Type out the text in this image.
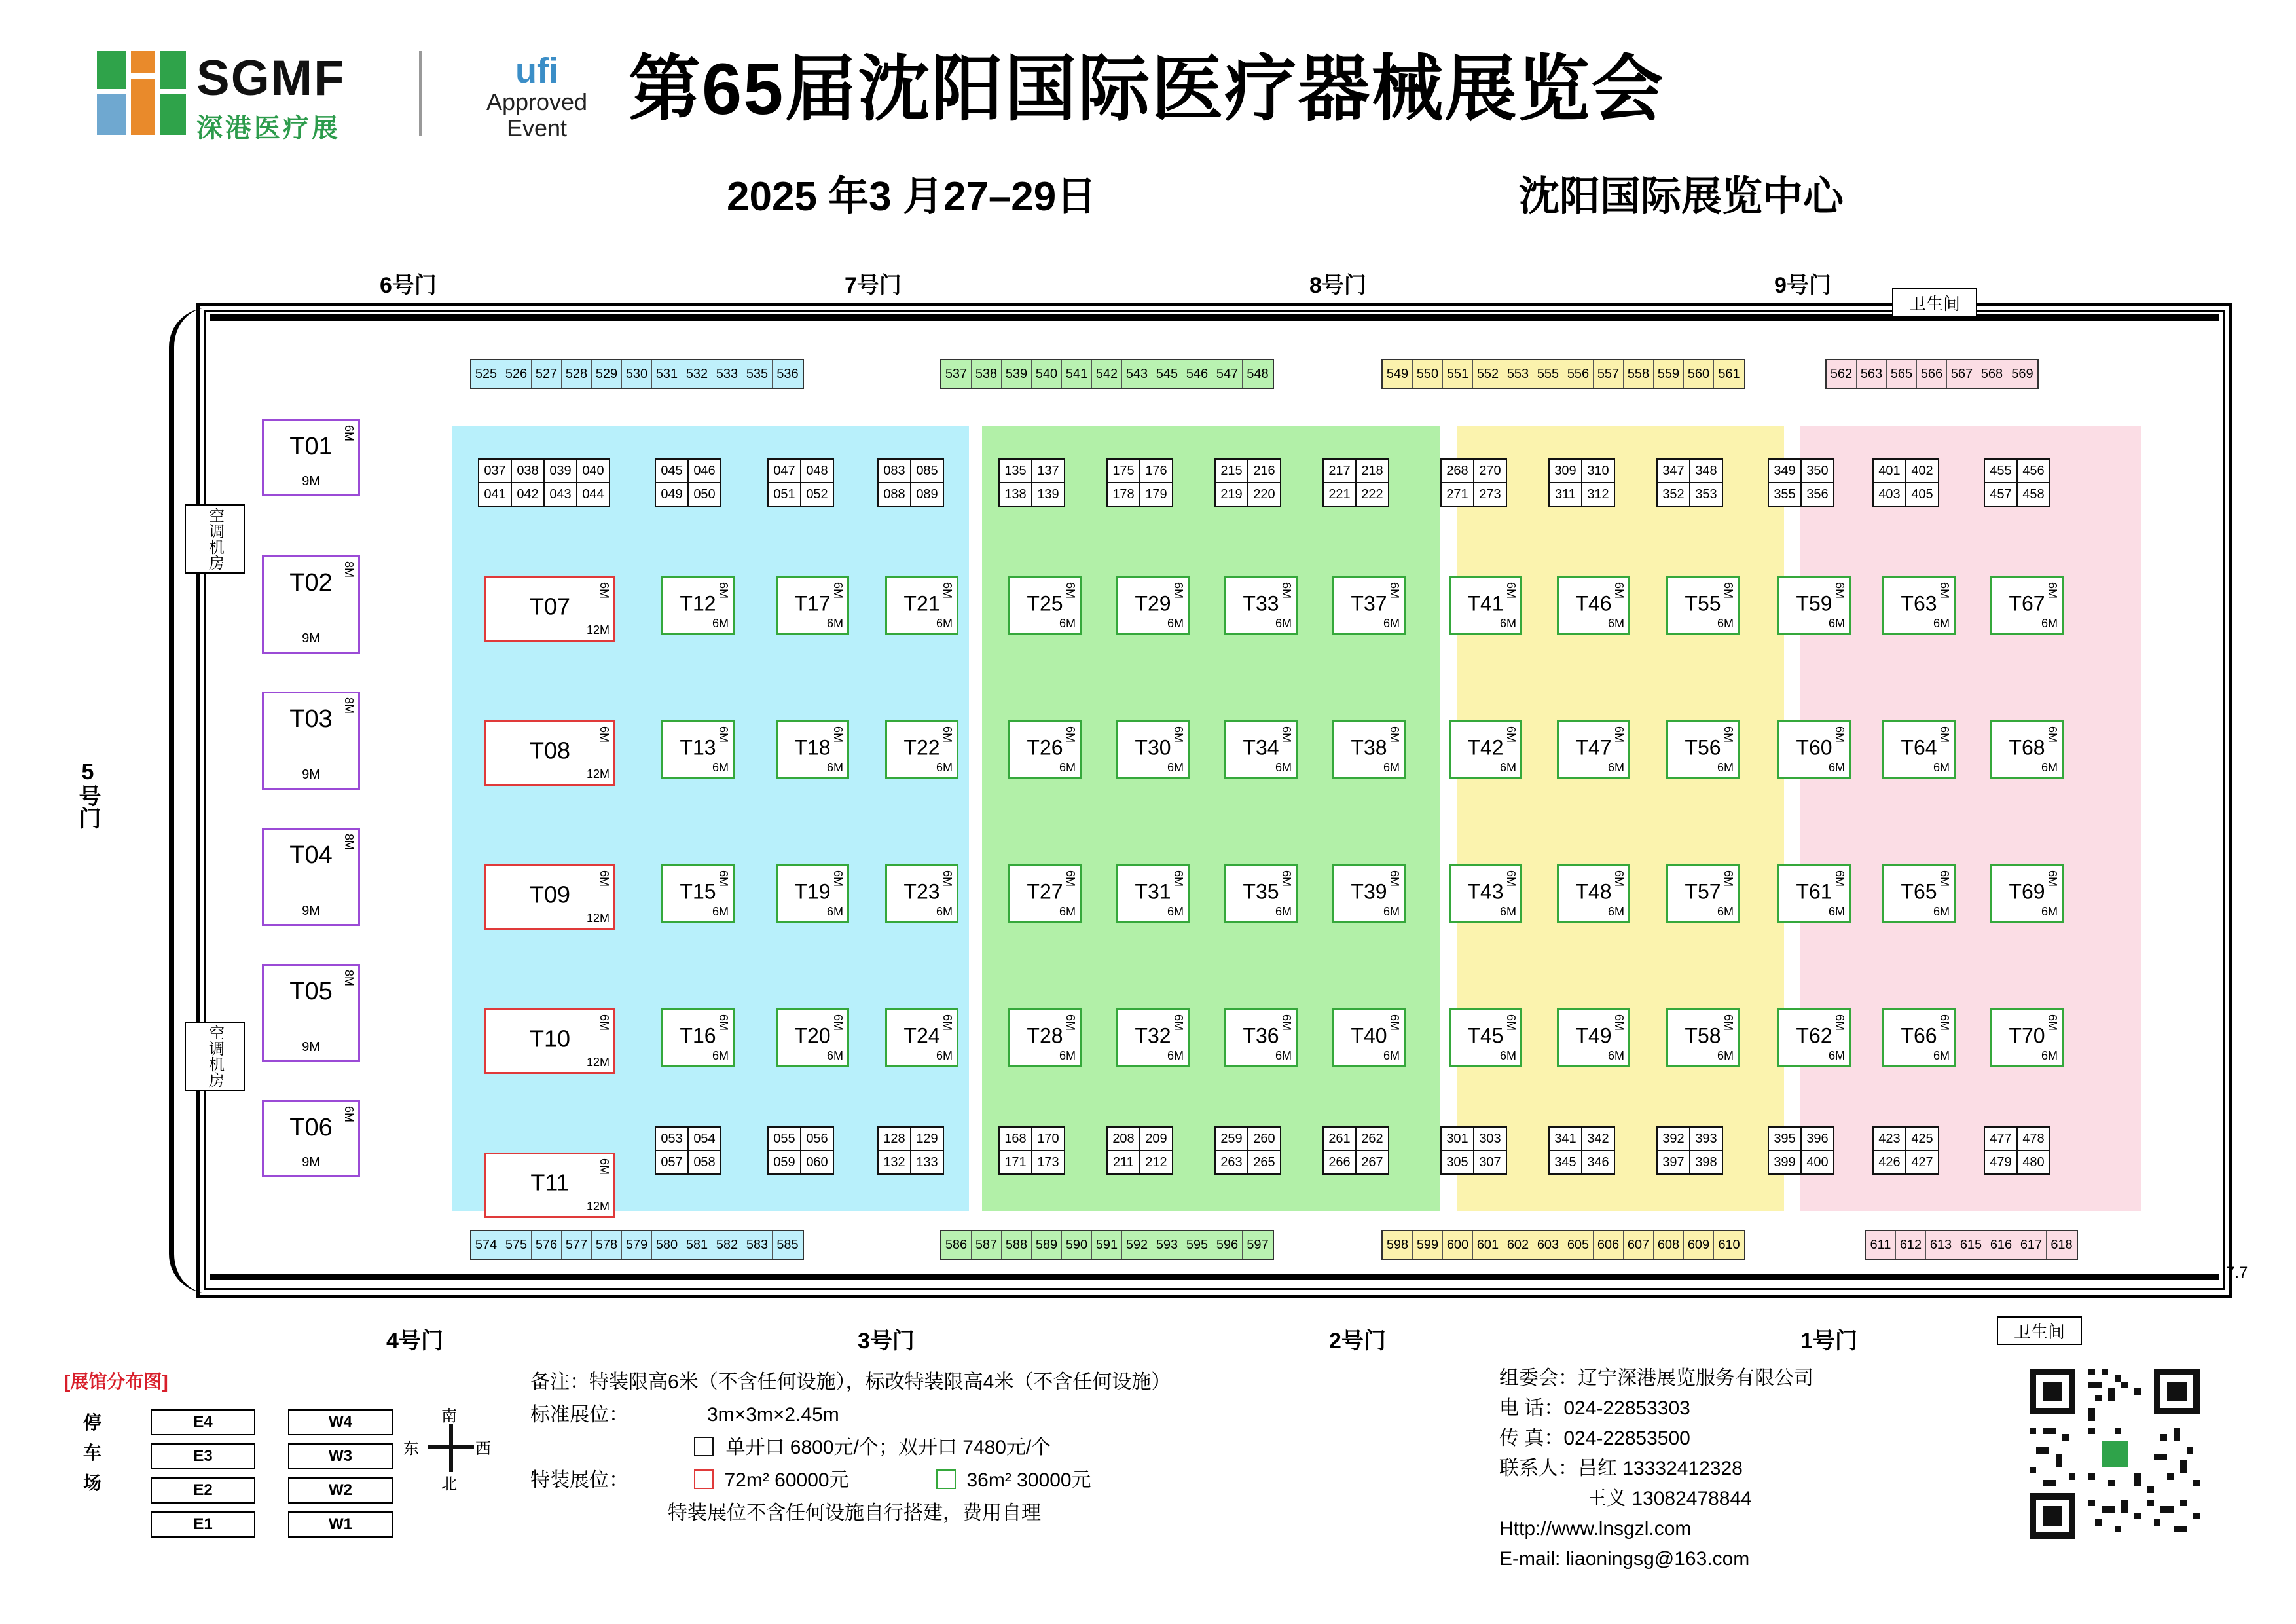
SGMF
深港医疗展
ufi
Approved
Event 第65届沈阳国际医疗器械展览会
2025 年3 月27–29日	沈阳国际展览中心
6号门	7号门	8号门	9号门
4号门	3号门	2号门	1号门
5号门
卫生间
卫生间
7.7
空调机房
空调机房
T01 6M
9M
T02 8M
9M
T03 8M
9M
T04 8M
9M
T05 8M
9M
T06 6M
9M
525 526 527 528 529 530 531 532 533 535 536	537 538 539 540 541 542 543 545 546 547 548	549 550 551 552 553 555 556 557 558 559 560 561	562 563 565 566 567 568 569
574 575 576 577 578 579 580 581 582 583 585	586 587 588 589 590 591 592 593 595 596 597	598 599 600 601 602 603 605 606 607 608 609 610	611 612 613 615 616 617 618
037 038 039 040
041 042 043 044
045 046
049 050
047 048
051 052
083 085
088 089
135 137
138 139
175 176
178 179
215 216
219 220
217 218
221 222
268 270
271 273
309 310
311 312
347 348
352 353
349 350
355 356
401 402
403 405
455 456
457 458
053 054
057 058
055 056
059 060
128 129
132 133
168 170
171 173
208 209
211 212
259 260
263 265
261 262
266 267
301 303
305 307
341 342
345 346
392 393
397 398
395 396
399 400
423 425
426 427
477 478
479 480
T07
6M
12M
T08
6M
12M
T09
6M
12M
T10
6M
12M
T11
6M
12M
T12
6M
6M
T13
6M
6M
T15
6M
6M
T16
6M
6M
T17
6M
6M
T18
6M
6M
T19
6M
6M
T20
6M
6M
T21
6M
6M
T22
6M
6M
T23
6M
6M
T24
6M
6M
T25
6M
6M
T26
6M
6M
T27
6M
6M
T28
6M
6M
T29
6M
6M
T30
6M
6M
T31
6M
6M
T32
6M
6M
T33
6M
6M
T34
6M
6M
T35
6M
6M
T36
6M
6M
T37
6M
6M
T38
6M
6M
T39
6M
6M
T40
6M
6M
T41
6M
6M
T42
6M
6M
T43
6M
6M
T45
6M
6M
T46
6M
6M
T47
6M
6M
T48
6M
6M
T49
6M
6M
T55
6M
6M
T56
6M
6M
T57
6M
6M
T58
6M
6M
T59
6M
6M
T60
6M
6M
T61
6M
6M
T62
6M
6M
T63
6M
6M
T64
6M
6M
T65
6M
6M
T66
6M
6M
T67
6M
6M
T68
6M
6M
T69
6M
6M
T70
6M
6M
[展馆分布图]
停 车 场
E4
E3
E2
E1
W4
W3
W2
W1
南
北
东	西
备注：特装限高6米（不含任何设施），标改特装限高4米（不含任何设施）
标准展位：	3m×3m×2.45m
单开口 6800元/个；双开口 7480元/个
特装展位：	72m² 60000元	36m² 30000元
特装展位不含任何设施自行搭建，费用自理
组委会：辽宁深港展览服务有限公司
电 话：024-22853303
传 真：024-22853500
联系人：吕红 13332412328
王义 13082478844
Http://www.lnsgzl.com
E-mail: liaoningsg@163.com
